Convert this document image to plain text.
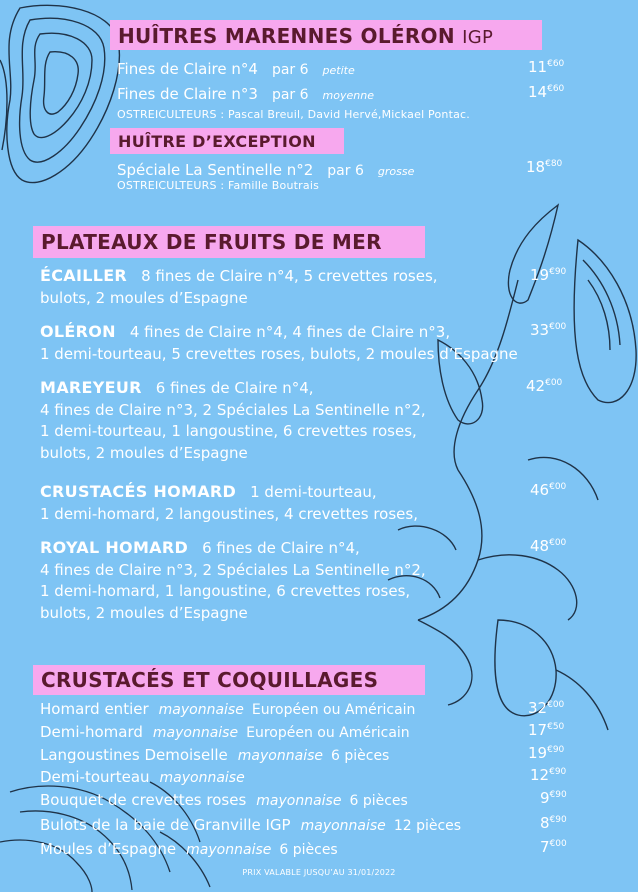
HUÎTRES MARENNES OLÉRON IGP
Fines de Claire n°4 par 6 petite	$11^{€60}$
Fines de Claire n°3 par 6 moyenne	$14^{€60}$
OSTREICULTEURS : Pascal Breuil, David Hervé,Mickael Pontac.
HUÎTRE D’EXCEPTION
Spéciale La Sentinelle n°2 par 6 grosse	$18^{€80}$
OSTREICULTEURS : Famille Boutrais
PLATEAUX DE FRUITS DE MER
ÉCAILLER 8 fines de Claire n°4, 5 crevettes roses,
bulots, 2 moules d’Espagne
$19^{€90}$
OLÉRON 4 fines de Claire n°4, 4 fines de Claire n°3,
1 demi-tourteau, 5 crevettes roses, bulots, 2 moules d’Espagne
$33^{€00}$
MAREYEUR 6 fines de Claire n°4,
4 fines de Claire n°3, 2 Spéciales La Sentinelle n°2,
1 demi-tourteau, 1 langoustine, 6 crevettes roses,
bulots, 2 moules d’Espagne
$42^{€00}$
CRUSTACÉS HOMARD 1 demi-tourteau,
1 demi-homard, 2 langoustines, 4 crevettes roses,
$46^{€00}$
ROYAL HOMARD 6 fines de Claire n°4,
4 fines de Claire n°3, 2 Spéciales La Sentinelle n°2,
1 demi-homard, 1 langoustine, 6 crevettes roses,
bulots, 2 moules d’Espagne
$48^{€00}$
CRUSTACÉS ET COQUILLAGES
Homard entier mayonnaise Européen ou Américain	$32^{€00}$
Demi-homard mayonnaise Européen ou Américain	$17^{€50}$
Langoustines Demoiselle mayonnaise 6 pièces	$19^{€90}$
Demi-tourteau mayonnaise	$12^{€90}$
Bouquet de crevettes roses mayonnaise 6 pièces	$9^{€90}$
Bulots de la baie de Granville IGP mayonnaise 12 pièces	$8^{€90}$
Moules d’Espagne mayonnaise 6 pièces	$7^{€00}$
PRIX VALABLE JUSQU’AU 31/01/2022
